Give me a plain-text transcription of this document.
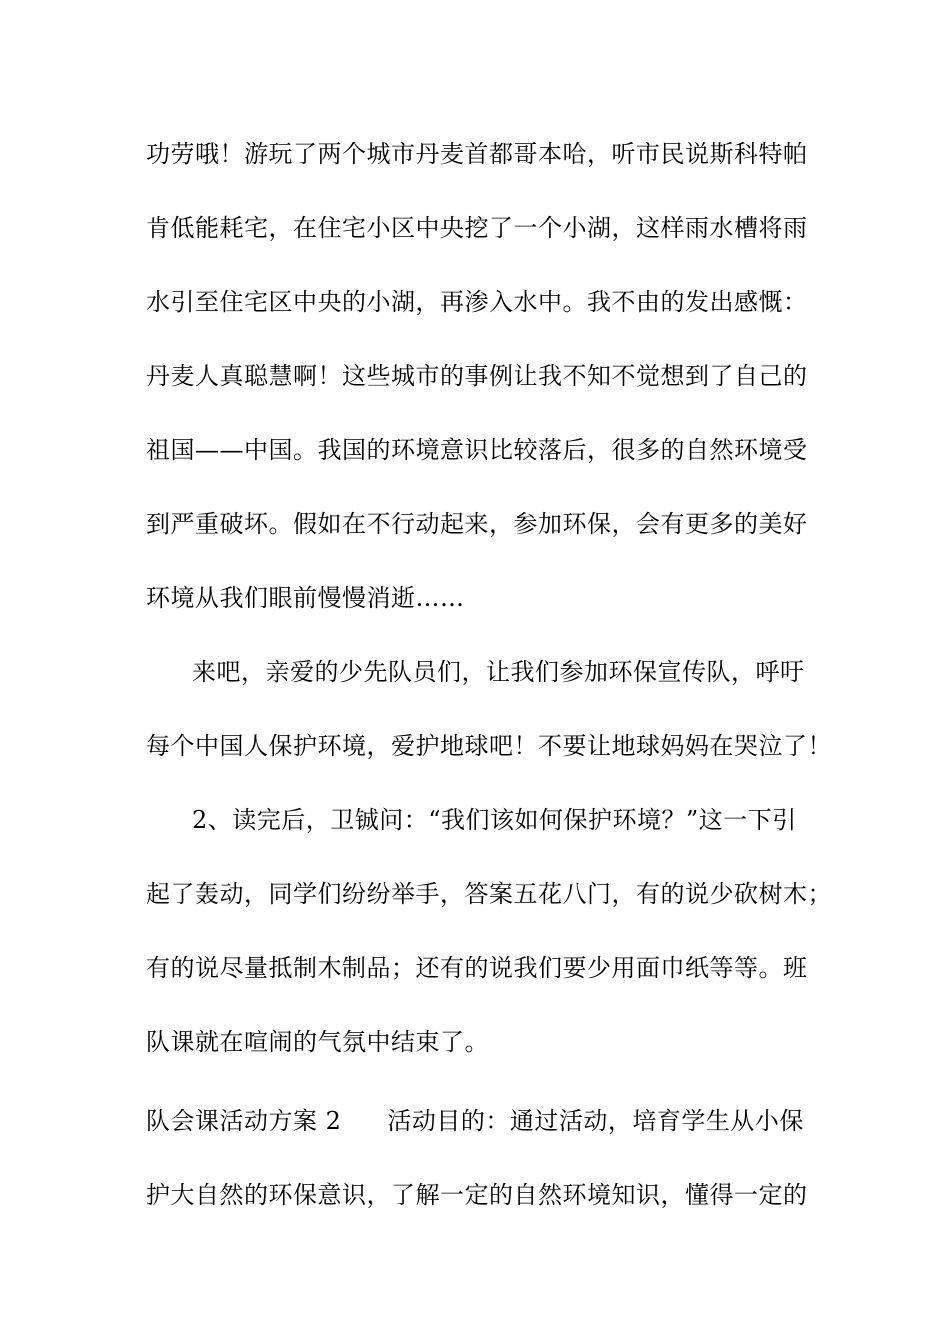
功劳哦！游玩了两个城市丹麦首都哥本哈，听市民说斯科特帕
肯低能耗宅，在住宅小区中央挖了一个小湖，这样雨水槽将雨
水引至住宅区中央的小湖，再渗入水中。我不由的发出感慨：
丹麦人真聪慧啊！这些城市的事例让我不知不觉想到了自己的
祖国——中国。我国的环境意识比较落后，很多的自然环境受
到严重破坏。假如在不行动起来，参加环保，会有更多的美好
环境从我们眼前慢慢消逝……
来吧，亲爱的少先队员们，让我们参加环保宣传队，呼吁
每个中国人保护环境，爱护地球吧！不要让地球妈妈在哭泣了！
2、读完后，卫铖问：“我们该如何保护环境？”这一下引
起了轰动，同学们纷纷举手，答案五花八门，有的说少砍树木；
有的说尽量抵制木制品；还有的说我们要少用面巾纸等等。班
队课就在喧闹的气氛中结束了。
队会课活动方案 2 活动目的：通过活动，培育学生从小保
护大自然的环保意识，了解一定的自然环境知识，懂得一定的
